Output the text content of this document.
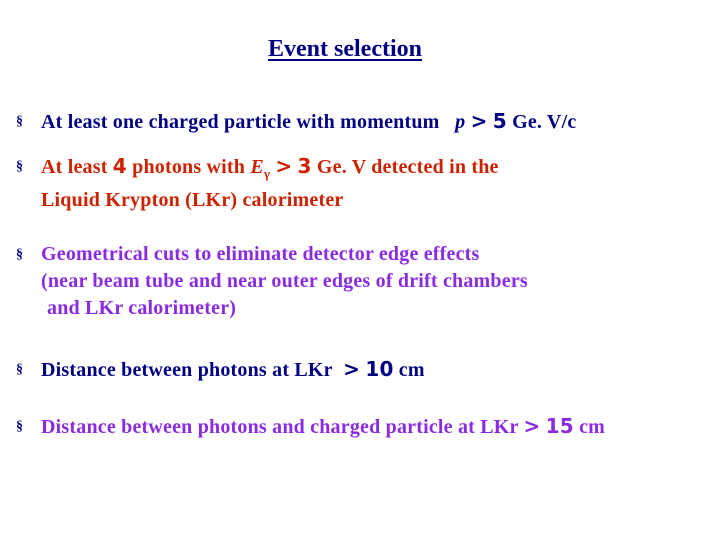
Event selection
§ At least one charged particle with momentum p > 5 Ge. V/c
§ At least 4 photons with $E_\gamma > 3$ Ge. V detected in the
Liquid Krypton (LKr) calorimeter
§ Geometrical cuts to eliminate detector edge effects
(near beam tube and near outer edges of drift chambers
and LKr calorimeter)
§ Distance between photons at LKr > 10 cm
§ Distance between photons and charged particle at LKr > 15 cm
